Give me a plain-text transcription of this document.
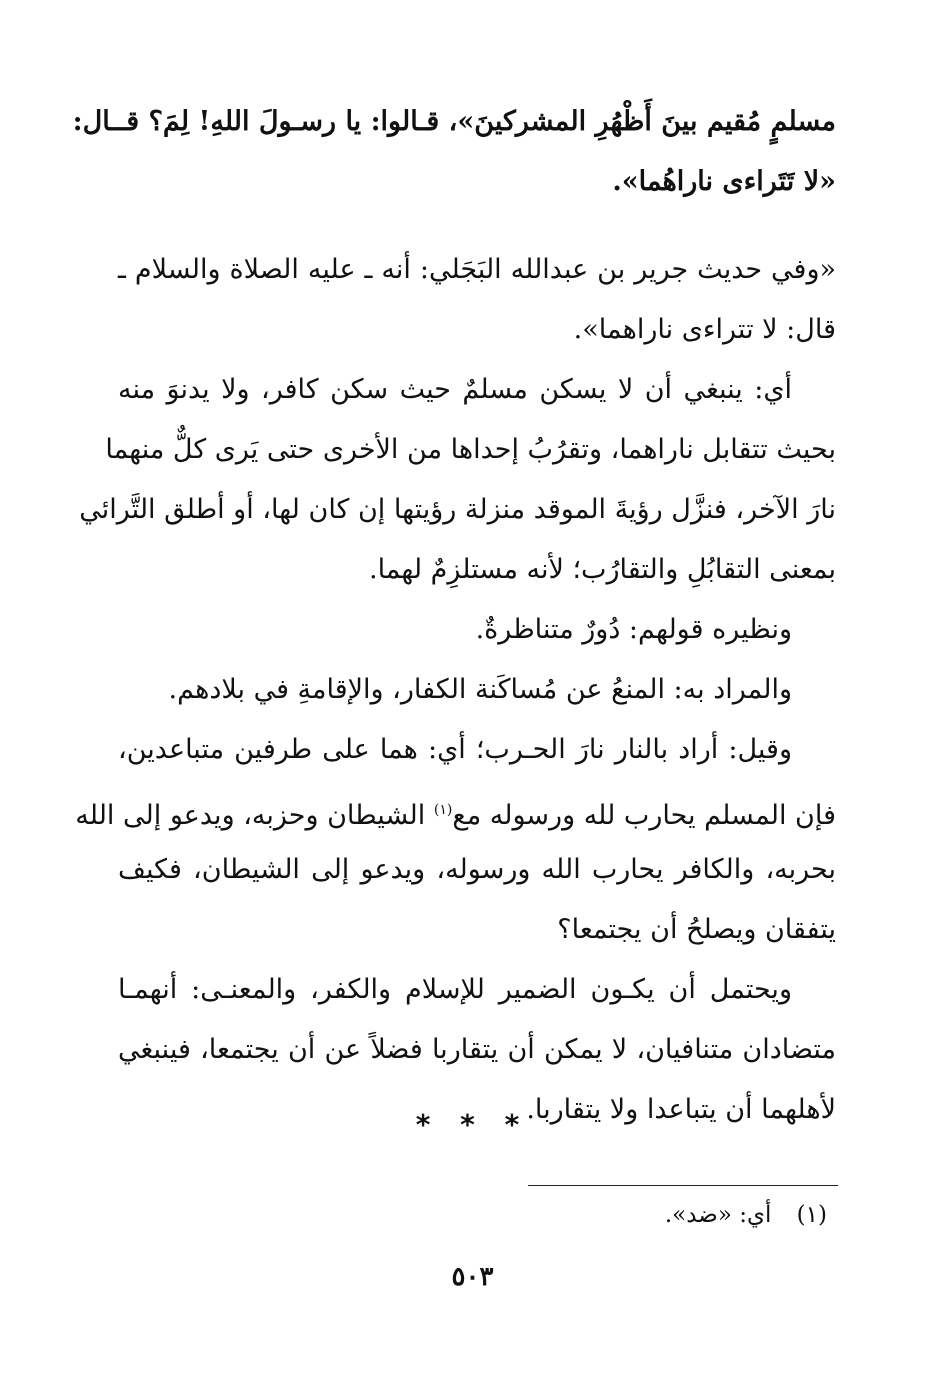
مسلمٍ مُقيم بينَ أَظْهُرِ المشركينَ»، قـالوا: يا رسـولَ اللهِ! لِمَ؟ قــال:
«لا تَتَراءى ناراهُما».
«وفي حديث جرير بن عبدالله البَجَلي: أنه ـ عليه الصلاة والسلام ـ
قال: لا تتراءى ناراهما».
أي: ينبغي أن لا يسكن مسلمٌ حيث سكن كافر، ولا يدنوَ منه
بحيث تتقابل ناراهما، وتقرُبُ إحداها من الأخرى حتى يَرى كلٌّ منهما
نارَ الآخر، فنزَّل رؤيةَ الموقد منزلة رؤيتها إن كان لها، أو أطلق التَّرائي
بمعنى التقابُلِ والتقارُب؛ لأنه مستلزِمٌ لهما.
ونظيره قولهم: دُورٌ متناظرةٌ.
والمراد به: المنعُ عن مُساكَنة الكفار، والإقامةِ في بلادهم.
وقيل: أراد بالنار نارَ الحـرب؛ أي: هما على طرفين متباعدين،
فإن المسلم يحارب لله ورسوله مع$^{(١)}$ الشيطان وحزبه، ويدعو إلى الله
بحربه، والكافر يحارب الله ورسوله، ويدعو إلى الشيطان، فكيف
يتفقان ويصلحُ أن يجتمعا؟
ويحتمل أن يكـون الضمير للإسلام والكفر، والمعنـى: أنهمـا
متضادان متنافيان، لا يمكن أن يتقاربا فضلاً عن أن يجتمعا، فينبغي
لأهلهما أن يتباعدا ولا يتقاربا.
* * *
(١) أي: «ضد».
٥٠٣
